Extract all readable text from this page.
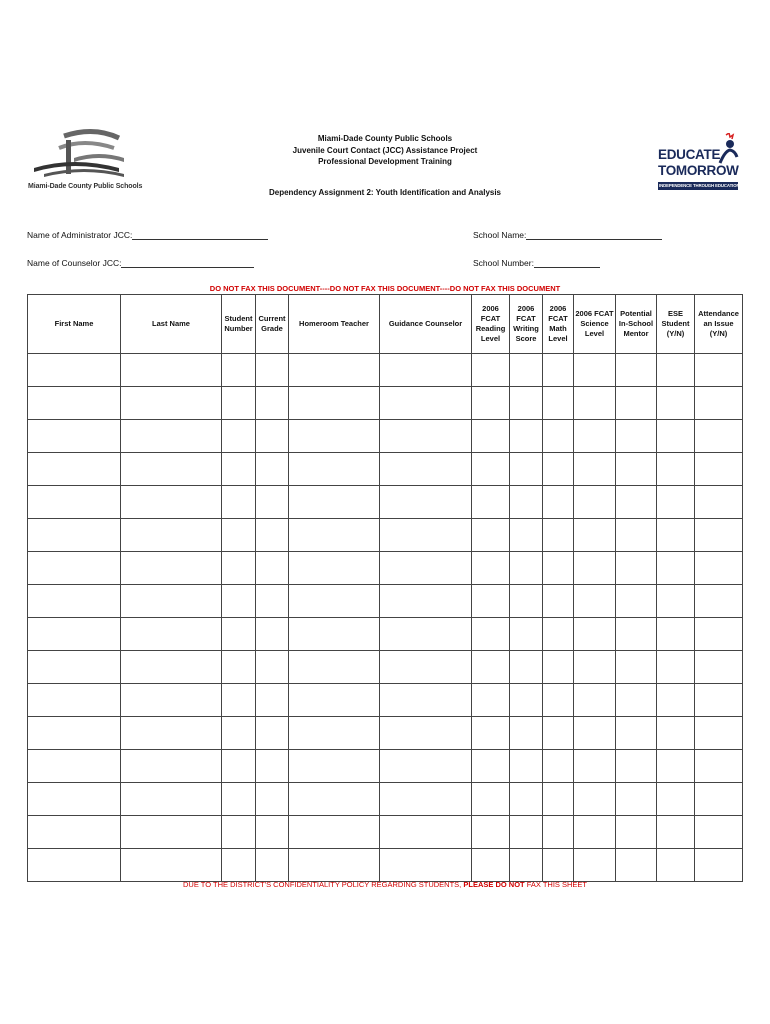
Miami-Dade County Public Schools
Miami-Dade County Public Schools
Juvenile Court Contact (JCC) Assistance Project
Professional Development Training
Dependency Assignment 2: Youth Identification and Analysis
EDUCATE
TOMORROW
INDEPENDENCE THROUGH EDUCATION
Name of Administrator JCC:	School Name:
Name of Counselor JCC:	School Number:
DO NOT FAX THIS DOCUMENT----DO NOT FAX THIS DOCUMENT----DO NOT FAX THIS DOCUMENT
First Name	Last Name	Student Number	Current Grade	Homeroom Teacher	Guidance Counselor	2006 FCAT Reading Level	2006 FCAT Writing Score	2006 FCAT Math Level	2006 FCAT Science Level	Potential In-School Mentor	ESE Student (Y/N)	Attendance an Issue (Y/N)

DUE TO THE DISTRICT'S CONFIDENTIALITY POLICY REGARDING STUDENTS, PLEASE DO NOT FAX THIS SHEET
